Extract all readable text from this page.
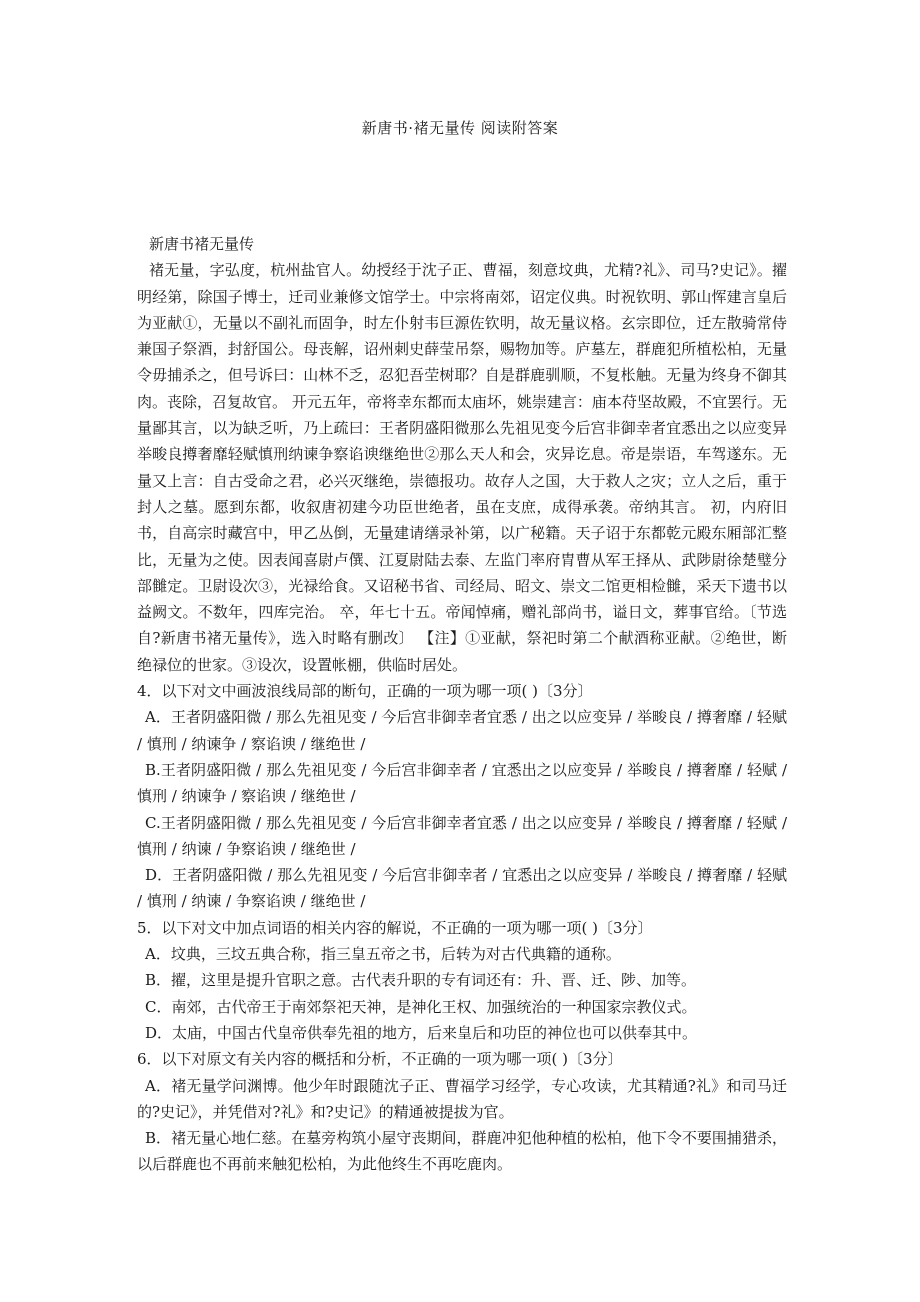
新唐书·褚无量传 阅读附答案

新唐书褚无量传

褚无量，字弘度，杭州盐官人。幼授经于沈子正、曹福，刻意坟典，尤精?礼》、司马?史记》。擢明经第，除国子博士，迁司业兼修文馆学士。中宗将南郊，诏定仪典。时祝钦明、郭山恽建言皇后为亚献①，无量以不副礼而固争，时左仆射韦巨源佐钦明，故无量议格。玄宗即位，迁左散骑常侍兼国子祭酒，封舒国公。母丧解，诏州刺史薛莹吊祭，赐物加等。庐墓左，群鹿犯所植松柏，无量令毋捕杀之，但号诉曰：山林不乏，忍犯吾茔树耶？自是群鹿驯顺，不复枨触。无量为终身不御其肉。丧除，召复故官。 开元五年，帝将幸东都而太庙坏，姚崇建言：庙本苻坚故殿，不宜罢行。无量鄙其言，以为缺乏听，乃上疏曰：王者阴盛阳微那么先祖见变今后宫非御幸者宜悉出之以应变异举畯良撙奢靡轻赋慎刑纳谏争察谄谀继绝世②那么天人和会，灾异讫息。帝是崇语，车驾遂东。无量又上言：自古受命之君，必兴灭继绝，崇德报功。故存人之国，大于救人之灾；立人之后，重于封人之墓。愿到东都，收叙唐初建今功臣世绝者，虽在支庶，成得承袭。帝纳其言。 初，内府旧书，自高宗时藏宫中，甲乙丛倒，无量建请缮录补第，以广秘籍。天子诏于东都乾元殿东厢部汇整比，无量为之使。因表闻喜尉卢僎、江夏尉陆去泰、左监门率府胄曹从军王择从、武陟尉徐楚璧分部雠定。卫尉设次③，光禄给食。又诏秘书省、司经局、昭文、崇文二馆更相检雠，采天下遗书以益阙文。不数年，四库完治。 卒，年七十五。帝闻悼痛，赠礼部尚书，谥日文，葬事官给。〔节选自?新唐书褚无量传》，选入时略有删改〕 【注】①亚献，祭祀时第二个献酒称亚献。②绝世，断绝禄位的世家。③设次，设置帐棚，供临时居处。

4．以下对文中画波浪线局部的断句，正确的一项为哪一项( )〔3分〕

A．王者阴盛阳微 / 那么先祖见变 / 今后宫非御幸者宜悉 / 出之以应变异 / 举畯良 / 撙奢靡 / 轻赋 / 慎刑 / 纳谏争 / 察谄谀 / 继绝世 /

B.王者阴盛阳微 / 那么先祖见变 / 今后宫非御幸者 / 宜悉出之以应变异 / 举畯良 / 撙奢靡 / 轻赋 / 慎刑 / 纳谏争 / 察谄谀 / 继绝世 /

C.王者阴盛阳微 / 那么先祖见变 / 今后宫非御幸者宜悉 / 出之以应变异 / 举畯良 / 撙奢靡 / 轻赋 / 慎刑 / 纳谏 / 争察谄谀 / 继绝世 /

D．王者阴盛阳微 / 那么先祖见变 / 今后宫非御幸者 / 宜悉出之以应变异 / 举畯良 / 撙奢靡 / 轻赋 / 慎刑 / 纳谏 / 争察谄谀 / 继绝世 /

5．以下对文中加点词语的相关内容的解说，不正确的一项为哪一项( )〔3分〕

A．坟典，三坟五典合称，指三皇五帝之书，后转为对古代典籍的通称。

B．擢，这里是提升官职之意。古代表升职的专有词还有：升、晋、迁、陟、加等。

C．南郊，古代帝王于南郊祭祀天神，是神化王权、加强统治的一种国家宗教仪式。

D．太庙，中国古代皇帝供奉先祖的地方，后来皇后和功臣的神位也可以供奉其中。

6．以下对原文有关内容的概括和分析，不正确的一项为哪一项( )〔3分〕

A．褚无量学问渊博。他少年时跟随沈子正、曹福学习经学，专心攻读，尤其精通?礼》和司马迁的?史记》，并凭借对?礼》和?史记》的精通被提拔为官。

B．褚无量心地仁慈。在墓旁构筑小屋守丧期间，群鹿冲犯他种植的松柏，他下令不要围捕猎杀，以后群鹿也不再前来触犯松柏，为此他终生不再吃鹿肉。
